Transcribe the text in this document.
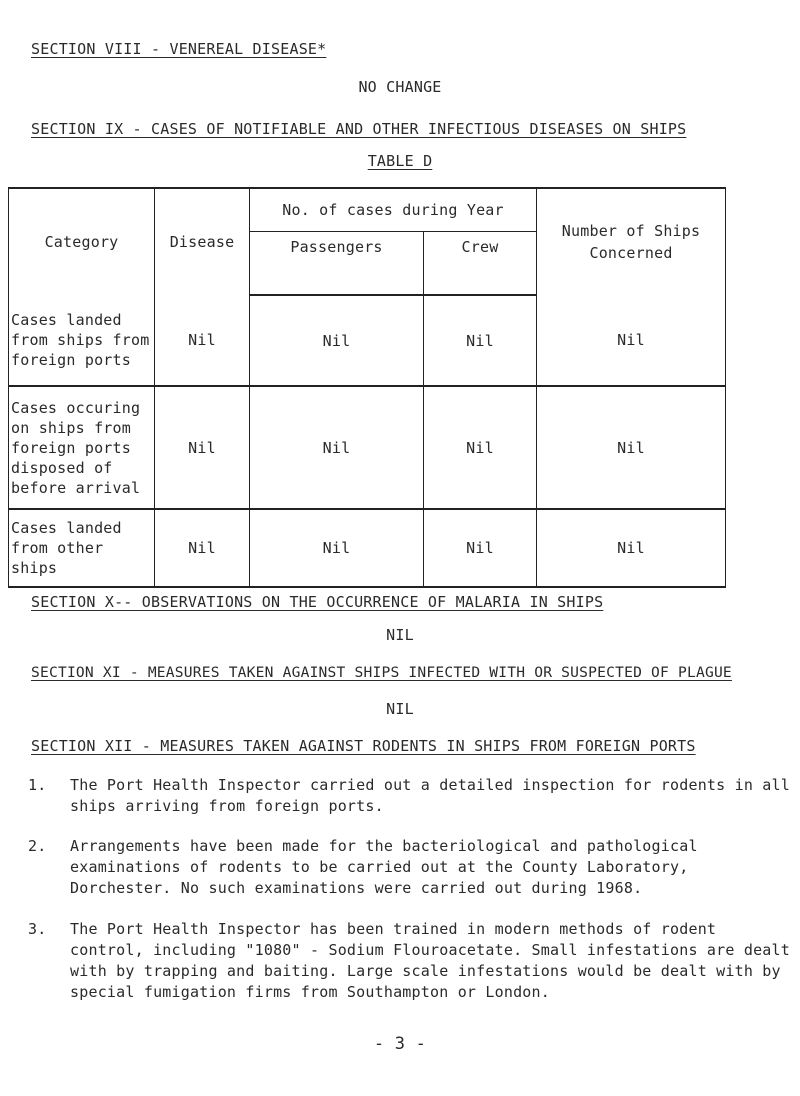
SECTION VIII - VENEREAL DISEASE*
NO CHANGE
SECTION IX - CASES OF NOTIFIABLE AND OTHER INFECTIOUS DISEASES ON SHIPS
TABLE D
Category	Disease	No. of cases during Year		Number of Ships Concerned
		Passengers	Crew	
Cases landed from ships from foreign ports	Nil	Nil	Nil	Nil
Cases occuring on ships from foreign ports disposed of before arrival	Nil	Nil	Nil	Nil
Cases landed from other ships	Nil	Nil	Nil	Nil
SECTION X-- OBSERVATIONS ON THE OCCURRENCE OF MALARIA IN SHIPS
NIL
SECTION XI - MEASURES TAKEN AGAINST SHIPS INFECTED WITH OR SUSPECTED OF PLAGUE
NIL
SECTION XII - MEASURES TAKEN AGAINST RODENTS IN SHIPS FROM FOREIGN PORTS
1.	The Port Health Inspector carried out a detailed inspection for rodents in all ships arriving from foreign ports.
2.	Arrangements have been made for the bacteriological and pathological examinations of rodents to be carried out at the County Laboratory, Dorchester. No such examinations were carried out during 1968.
3.	The Port Health Inspector has been trained in modern methods of rodent control, including "1080" - Sodium Flouroacetate. Small infestations are dealt with by trapping and baiting. Large scale infestations would be dealt with by special fumigation firms from Southampton or London.
- 3 -
